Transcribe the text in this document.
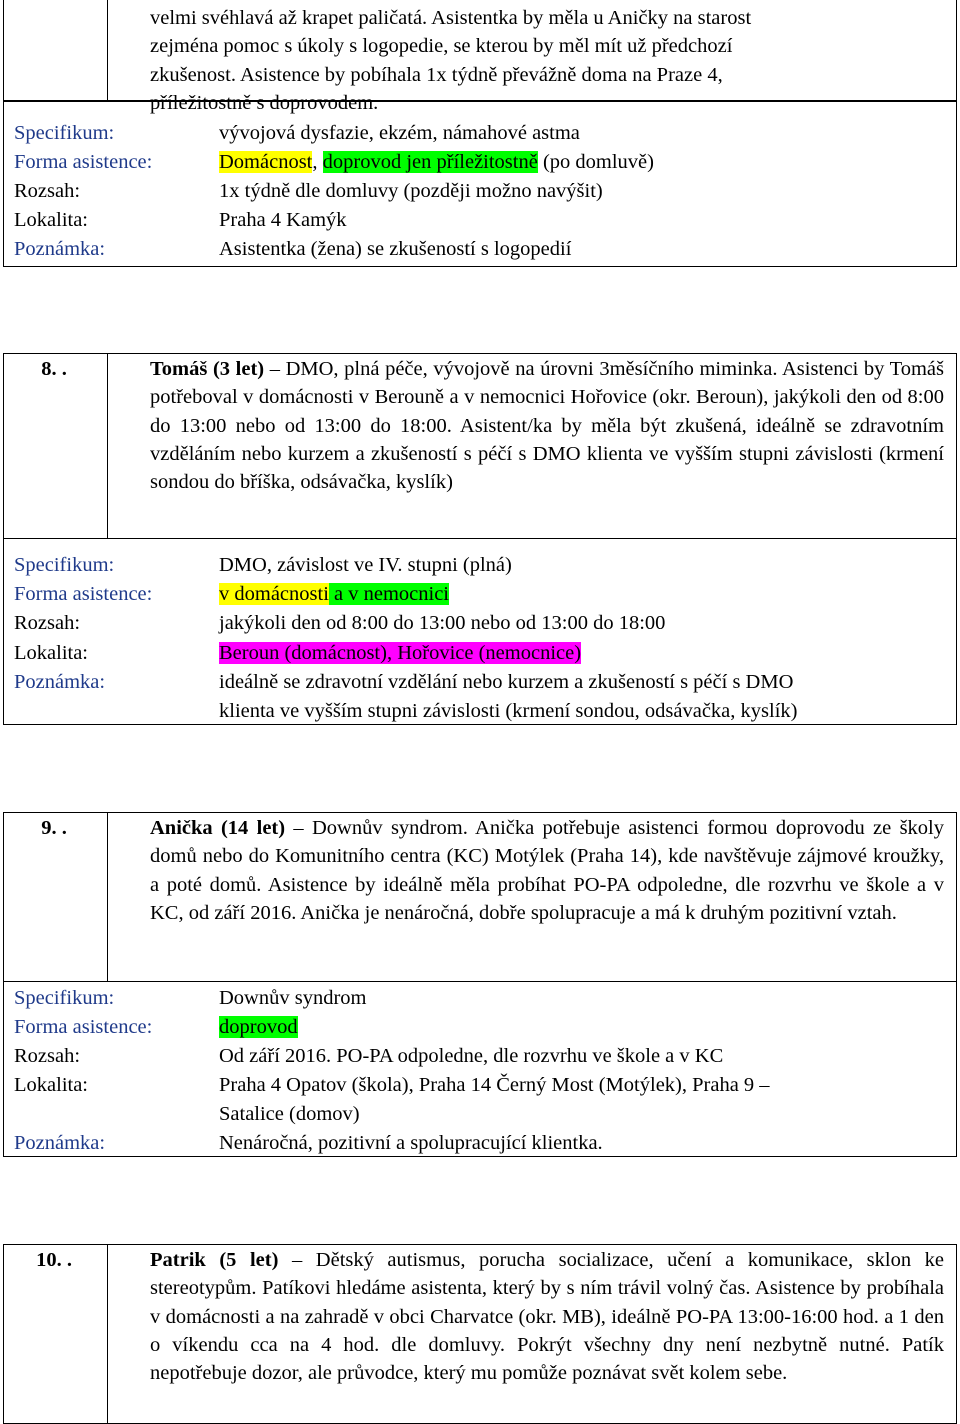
velmi svéhlavá až krapet paličatá. Asistentka by měla u Aničky na starost
zejména pomoc s úkoly s logopedie, se kterou by měl mít už předchozí
zkušenost. Asistence by pobíhala 1x týdně převážně doma na Praze 4,
příležitostně s doprovodem.
Specifikum:	vývojová dysfazie, ekzém, námahové astma
Forma asistence:	Domácnost, doprovod jen příležitostně (po domluvě)
Rozsah:	1x týdně dle domluvy (později možno navýšit)
Lokalita:	Praha 4 Kamýk
Poznámka:	Asistentka (žena) se zkušeností s logopedií
8. .	Tomáš (3 let) – DMO, plná péče, vývojově na úrovni 3měsíčního miminka. Asistenci by Tomáš potřeboval v domácnosti v Berouně a v nemocnici Hořovice (okr. Beroun), jakýkoli den od 8:00 do 13:00 nebo od 13:00 do 18:00. Asistent/ka by měla být zkušená, ideálně se zdravotním vzděláním nebo kurzem a zkušeností s péčí s DMO klienta ve vyšším stupni závislosti (krmení sondou do bříška, odsávačka, kyslík)
Specifikum:	DMO, závislost ve IV. stupni (plná)
Forma asistence:	v domácnosti a v nemocnici
Rozsah:	jakýkoli den od 8:00 do 13:00 nebo od 13:00 do 18:00
Lokalita:	Beroun (domácnost), Hořovice (nemocnice)
Poznámka:	ideálně se zdravotní vzdělání nebo kurzem a zkušeností s péčí s DMO
klienta ve vyšším stupni závislosti (krmení sondou, odsávačka, kyslík)
9. .	Anička (14 let) – Downův syndrom. Anička potřebuje asistenci formou doprovodu ze školy domů nebo do Komunitního centra (KC) Motýlek (Praha 14), kde navštěvuje zájmové kroužky, a poté domů. Asistence by ideálně měla probíhat PO-PA odpoledne, dle rozvrhu ve škole a v KC, od září 2016. Anička je nenáročná, dobře spolupracuje a má k druhým pozitivní vztah.
Specifikum:	Downův syndrom
Forma asistence:	doprovod
Rozsah:	Od září 2016. PO-PA odpoledne, dle rozvrhu ve škole a v KC
Lokalita:	Praha 4 Opatov (škola), Praha 14 Černý Most (Motýlek), Praha 9 –
Satalice (domov)
Poznámka:	Nenáročná, pozitivní a spolupracující klientka.
10. .	Patrik (5 let) – Dětský autismus, porucha socializace, učení a komunikace, sklon ke stereotypům. Patíkovi hledáme asistenta, který by s ním trávil volný čas. Asistence by probíhala v domácnosti a na zahradě v obci Charvatce (okr. MB), ideálně PO-PA 13:00-16:00 hod. a 1 den o víkendu cca na 4 hod. dle domluvy. Pokrýt všechny dny není nezbytně nutné. Patík nepotřebuje dozor, ale průvodce, který mu pomůže poznávat svět kolem sebe.
